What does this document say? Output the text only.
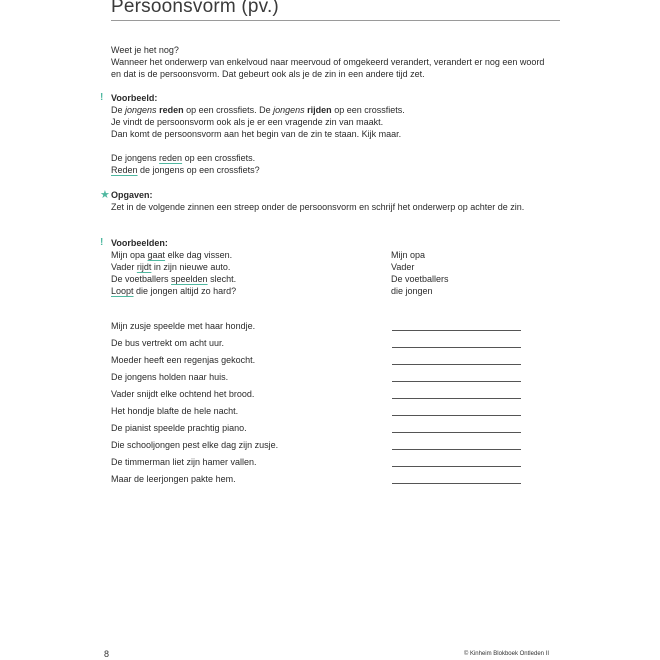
Persoonsvorm (pv.)
Weet je het nog?
Wanneer het onderwerp van enkelvoud naar meervoud of omgekeerd verandert, verandert er nog een woord en dat is de persoonsvorm. Dat gebeurt ook als je de zin in een andere tijd zet.
! Voorbeeld:
De jongens reden op een crossfiets. De jongens rijden op een crossfiets.
Je vindt de persoonsvorm ook als je er een vragende zin van maakt.
Dan komt de persoonsvorm aan het begin van de zin te staan. Kijk maar.
De jongens reden op een crossfiets.
Reden de jongens op een crossfiets?
★ Opgaven:
Zet in de volgende zinnen een streep onder de persoonsvorm en schrijf het onderwerp op achter de zin.
! Voorbeelden:
Mijn opa gaat elke dag vissen.	Mijn opa
Vader rijdt in zijn nieuwe auto.	Vader
De voetballers speelden slecht.	De voetballers
Loopt die jongen altijd zo hard?	die jongen
Mijn zusje speelde met haar hondje.
De bus vertrekt om acht uur.
Moeder heeft een regenjas gekocht.
De jongens holden naar huis.
Vader snijdt elke ochtend het brood.
Het hondje blafte de hele nacht.
De pianist speelde prachtig piano.
Die schooljongen pest elke dag zijn zusje.
De timmerman liet zijn hamer vallen.
Maar de leerjongen pakte hem.
8	© Kinheim Blokboek Ontleden II
